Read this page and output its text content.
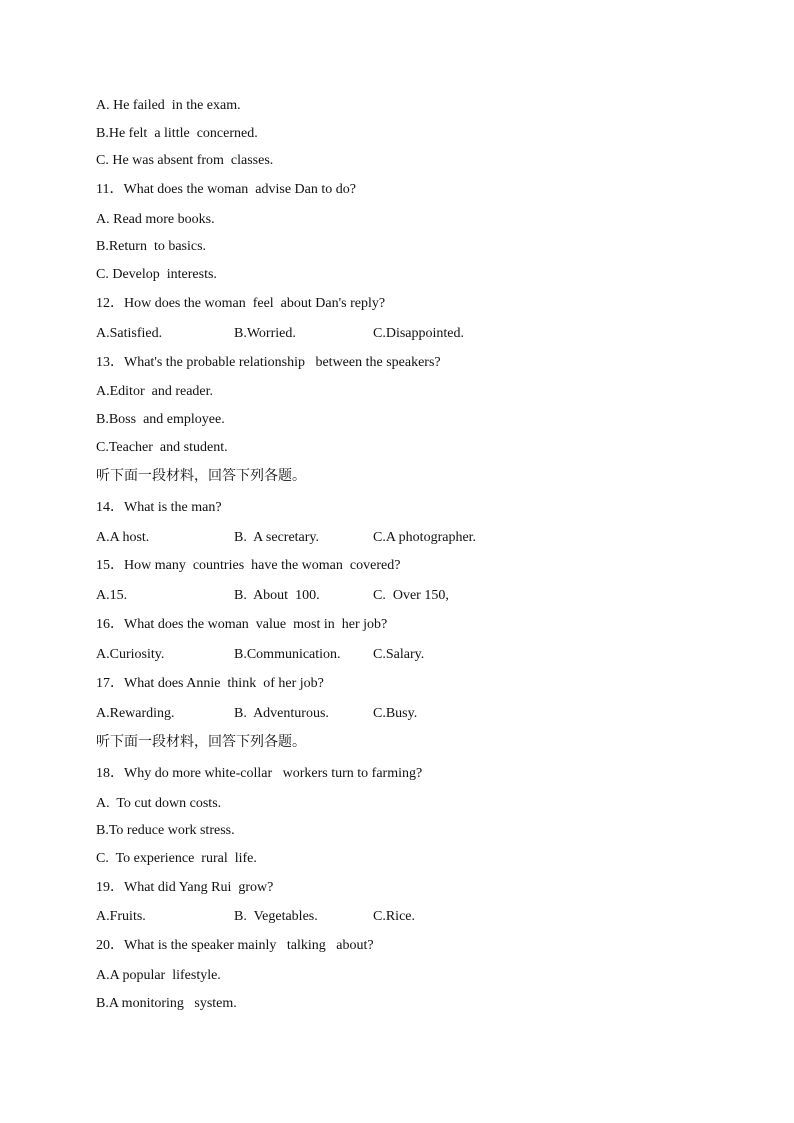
A. He failed  in the exam.
B.He felt  a little  concerned.
C. He was absent from  classes.
11．What does the woman  advise Dan to do?
A. Read more books.
B.Return  to basics.
C. Develop  interests.
12．How does the woman  feel  about Dan's reply?
A.Satisfied.	B.Worried.	C.Disappointed.
13．What's the probable relationship   between the speakers?
A.Editor  and reader.
B.Boss  and employee.
C.Teacher  and student.
听下面一段材料，回答下列各题。
14．What is the man?
A.A host.	B.  A secretary.	C.A photographer.
15．How many  countries  have the woman  covered?
A.15.	B.  About  100.	C.  Over 150,
16．What does the woman  value  most in  her job?
A.Curiosity.	B.Communication. C.Salary.
17．What does Annie  think  of her job?
A.Rewarding.	B.  Adventurous.	C.Busy.
听下面一段材料，回答下列各题。
18．Why do more white-collar   workers turn to farming?
A.  To cut down costs.
B.To reduce work stress.
C.  To experience  rural  life.
19．What did Yang Rui  grow?
A.Fruits.	B.  Vegetables.	C.Rice.
20．What is the speaker mainly   talking   about?
A.A popular  lifestyle.
B.A monitoring   system.
